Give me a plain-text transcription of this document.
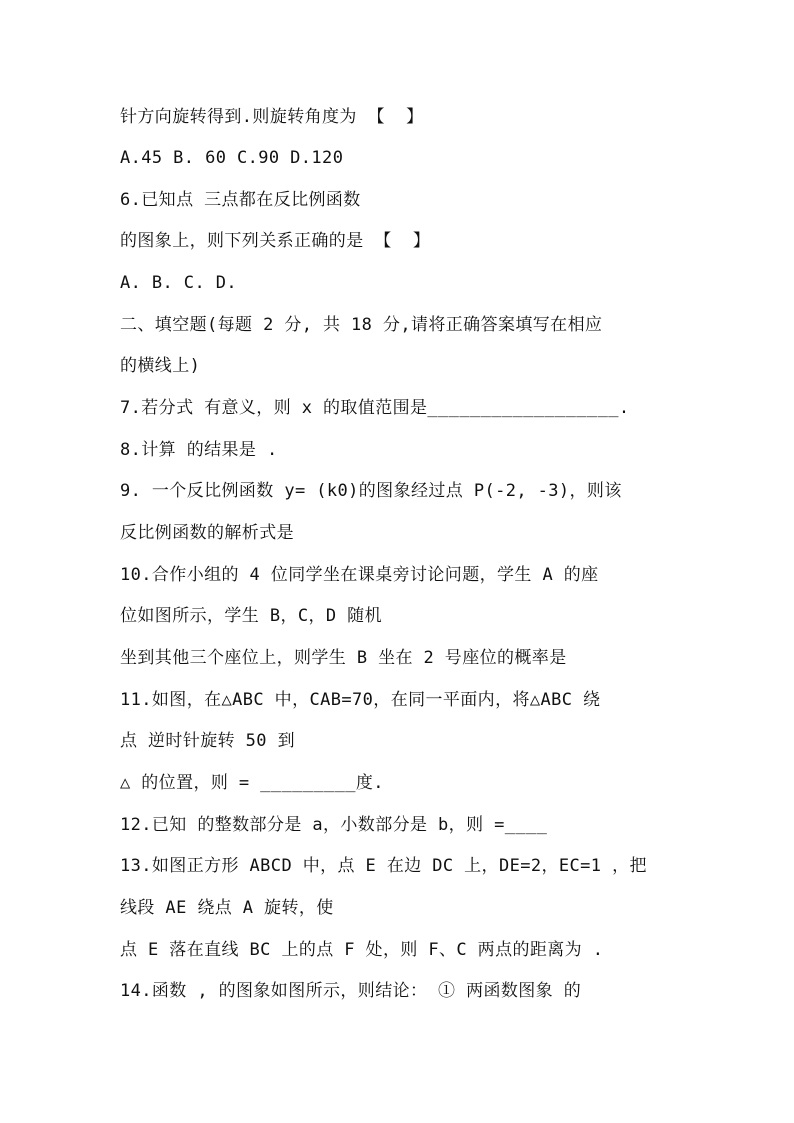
针方向旋转得到.则旋转角度为 【  】
A.45 B. 60 C.90 D.120
6.已知点 三点都在反比例函数
的图象上，则下列关系正确的是 【  】
A. B. C. D.
二、填空题(每题 2 分, 共 18 分,请将正确答案填写在相应
的横线上)
7.若分式 有意义，则 x 的取值范围是__________________.
8.计算 的结果是 .
9. 一个反比例函数 y= (k0)的图象经过点 P(-2, -3)，则该
反比例函数的解析式是
10.合作小组的 4 位同学坐在课桌旁讨论问题，学生 A 的座
位如图所示，学生 B，C，D 随机
坐到其他三个座位上，则学生 B 坐在 2 号座位的概率是
11.如图，在△ABC 中，CAB=70，在同一平面内，将△ABC 绕
点 逆时针旋转 50 到
△ 的位置，则 = _________度.
12.已知 的整数部分是 a，小数部分是 b，则 =____
13.如图正方形 ABCD 中，点 E 在边 DC 上，DE=2，EC=1 ，把
线段 AE 绕点 A 旋转，使
点 E 落在直线 BC 上的点 F 处，则 F、C 两点的距离为 .
14.函数 , 的图象如图所示，则结论： ① 两函数图象 的
